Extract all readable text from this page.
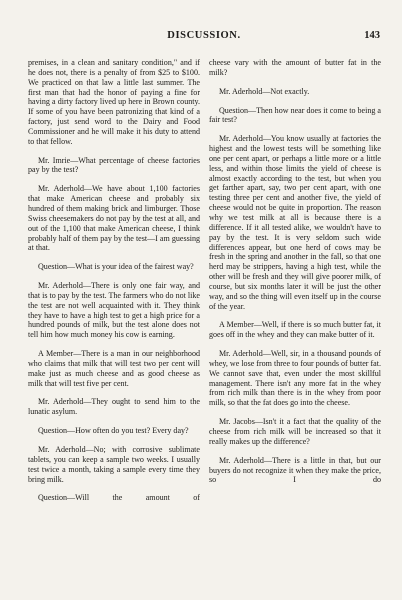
DISCUSSION.	143

premises, in a clean and sanitary condition," and if he does not, there is a penalty of from $25 to $100. We practiced on that law a little last summer. The first man that had the honor of paying a fine for having a dirty factory lived up here in Brown county. If some of you have been patronizing that kind of a factory, just send word to the Dairy and Food Commissioner and he will make it his duty to attend to that fellow.

Mr. Imrie—What percentage of cheese factories pay by the test?

Mr. Aderhold—We have about 1,100 factories that make American cheese and probably six hundred of them making brick and limburger. Those Swiss cheesemakers do not pay by the test at all, and out of the 1,100 that make American cheese, I think probably half of them pay by the test—I am guessing at that.

Question—What is your idea of the fairest way?

Mr. Aderhold—There is only one fair way, and that is to pay by the test. The farmers who do not like the test are not well acquainted with it. They think they have to have a high test to get a high price for a hundred pounds of milk, but the test alone does not tell him how much money his cow is earning.

A Member—There is a man in our neighborhood who claims that milk that will test two per cent will make just as much cheese and as good cheese as milk that will test five per cent.

Mr. Aderhold—They ought to send him to the lunatic asylum.

Question—How often do you test? Every day?

Mr. Aderhold—No; with corrosive sublimate tablets, you can keep a sample two weeks. I usually test twice a month, taking a sample every time they bring milk.

Question—Will the amount of

cheese vary with the amount of butter fat in the milk?

Mr. Aderhold—Not exactly.

Question—Then how near does it come to being a fair test?

Mr. Aderhold—You know usually at factories the highest and the lowest tests will be something like one per cent apart, or perhaps a little more or a little less, and within those limits the yield of cheese is almost exactly according to the test, but when you get farther apart, say, two per cent apart, with one testing three per cent and another five, the yield of cheese would not be quite in proportion. The reason why we test milk at all is because there is a difference. If it all tested alike, we wouldn't have to pay by the test. It is very seldom such wide differences appear, but one herd of cows may be fresh in the spring and another in the fall, so that one herd may be strippers, having a high test, while the other will be fresh and they will give poorer milk, of course, but six months later it will be just the other way, and so the thing will even itself up in the course of the year.

A Member—Well, if there is so much butter fat, it goes off in the whey and they can make butter of it.

Mr. Aderhold—Well, sir, in a thousand pounds of whey, we lose from three to four pounds of butter fat. We cannot save that, even under the most skillful management. There isn't any more fat in the whey from rich milk than there is in the whey from poor milk, so that the fat does go into the cheese.

Mr. Jacobs—Isn't it a fact that the quality of the cheese from rich milk will be increased so that it really makes up the difference?

Mr. Aderhold—There is a little in that, but our buyers do not recognize it when they make the price, so I do
